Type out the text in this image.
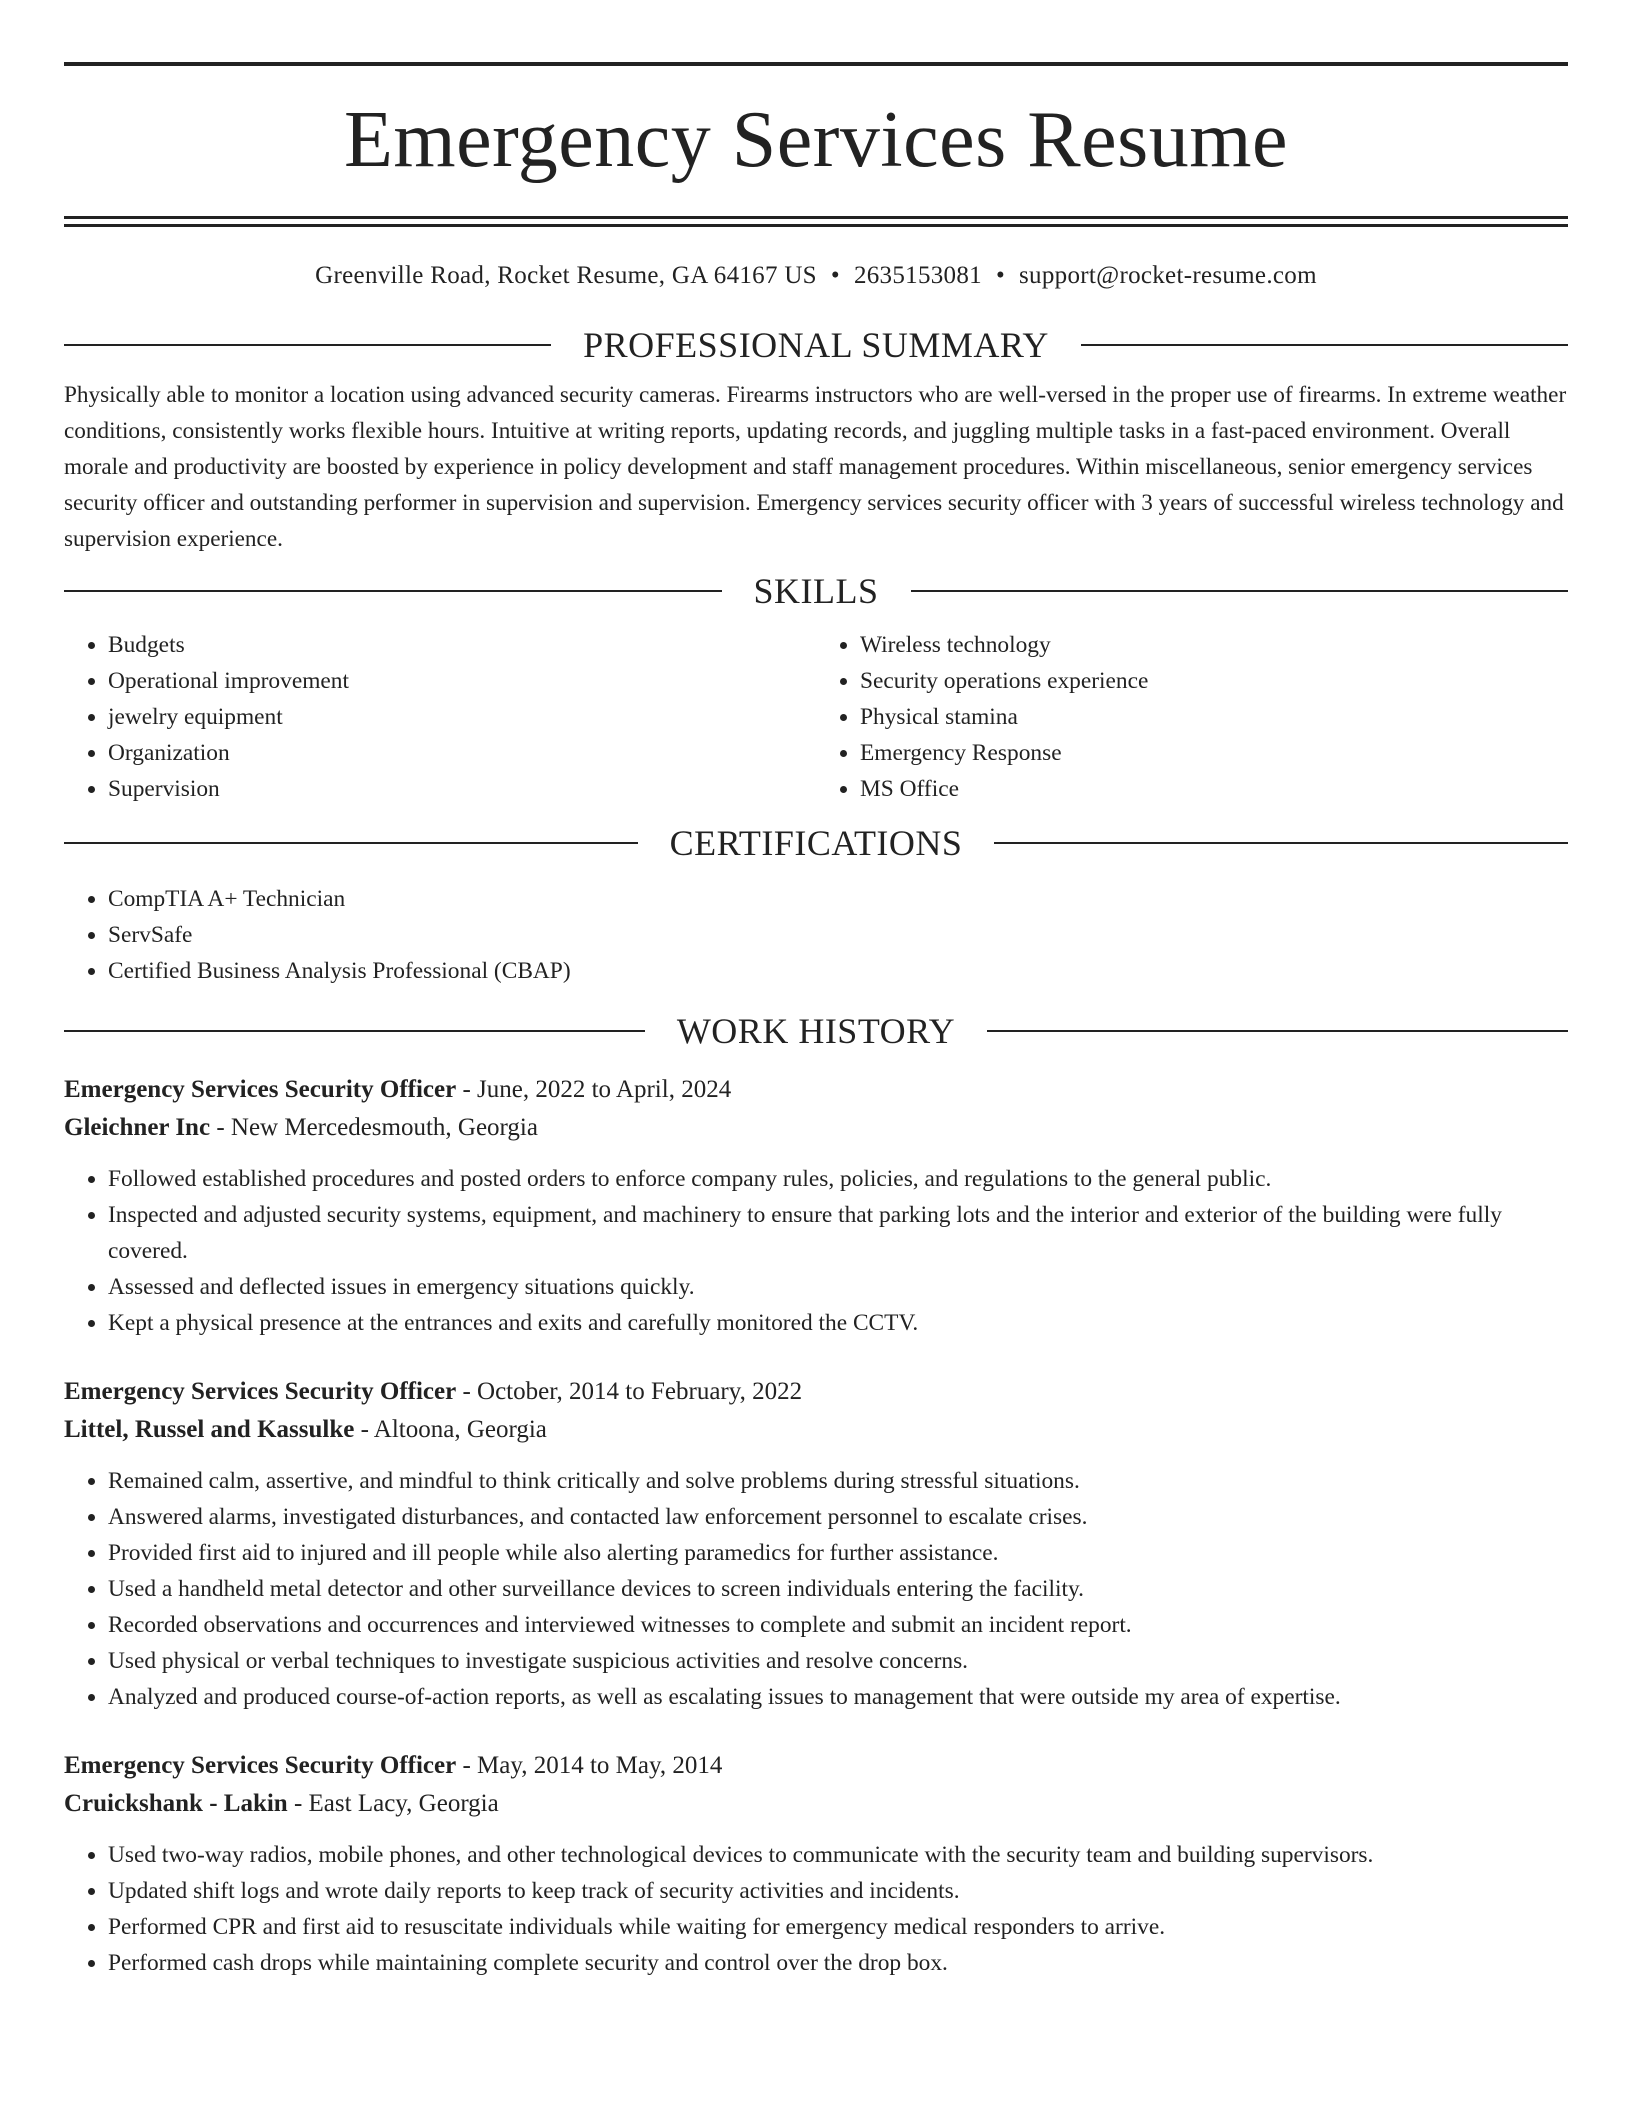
Emergency Services Resume
Greenville Road, Rocket Resume, GA 64167 US • 2635153081 • support@rocket-resume.com
PROFESSIONAL SUMMARY

Physically able to monitor a location using advanced security cameras. Firearms instructors who are well-versed in the proper use of firearms. In extreme weather conditions, consistently works flexible hours. Intuitive at writing reports, updating records, and juggling multiple tasks in a fast-paced environment. Overall morale and productivity are boosted by experience in policy development and staff management procedures. Within miscellaneous, senior emergency services security officer and outstanding performer in supervision and supervision. Emergency services security officer with 3 years of successful wireless technology and supervision experience.

SKILLS
• Budgets
• Operational improvement
• jewelry equipment
• Organization
• Supervision
• Wireless technology
• Security operations experience
• Physical stamina
• Emergency Response
• MS Office
CERTIFICATIONS
• CompTIA A+ Technician
• ServSafe
• Certified Business Analysis Professional (CBAP)
WORK HISTORY
Emergency Services Security Officer - June, 2022 to April, 2024
Gleichner Inc - New Mercedesmouth, Georgia
• Followed established procedures and posted orders to enforce company rules, policies, and regulations to the general public.
• Inspected and adjusted security systems, equipment, and machinery to ensure that parking lots and the interior and exterior of the building were fully covered.
• Assessed and deflected issues in emergency situations quickly.
• Kept a physical presence at the entrances and exits and carefully monitored the CCTV.
Emergency Services Security Officer - October, 2014 to February, 2022
Littel, Russel and Kassulke - Altoona, Georgia
• Remained calm, assertive, and mindful to think critically and solve problems during stressful situations.
• Answered alarms, investigated disturbances, and contacted law enforcement personnel to escalate crises.
• Provided first aid to injured and ill people while also alerting paramedics for further assistance.
• Used a handheld metal detector and other surveillance devices to screen individuals entering the facility.
• Recorded observations and occurrences and interviewed witnesses to complete and submit an incident report.
• Used physical or verbal techniques to investigate suspicious activities and resolve concerns.
• Analyzed and produced course-of-action reports, as well as escalating issues to management that were outside my area of expertise.
Emergency Services Security Officer - May, 2014 to May, 2014
Cruickshank - Lakin - East Lacy, Georgia
• Used two-way radios, mobile phones, and other technological devices to communicate with the security team and building supervisors.
• Updated shift logs and wrote daily reports to keep track of security activities and incidents.
• Performed CPR and first aid to resuscitate individuals while waiting for emergency medical responders to arrive.
• Performed cash drops while maintaining complete security and control over the drop box.
